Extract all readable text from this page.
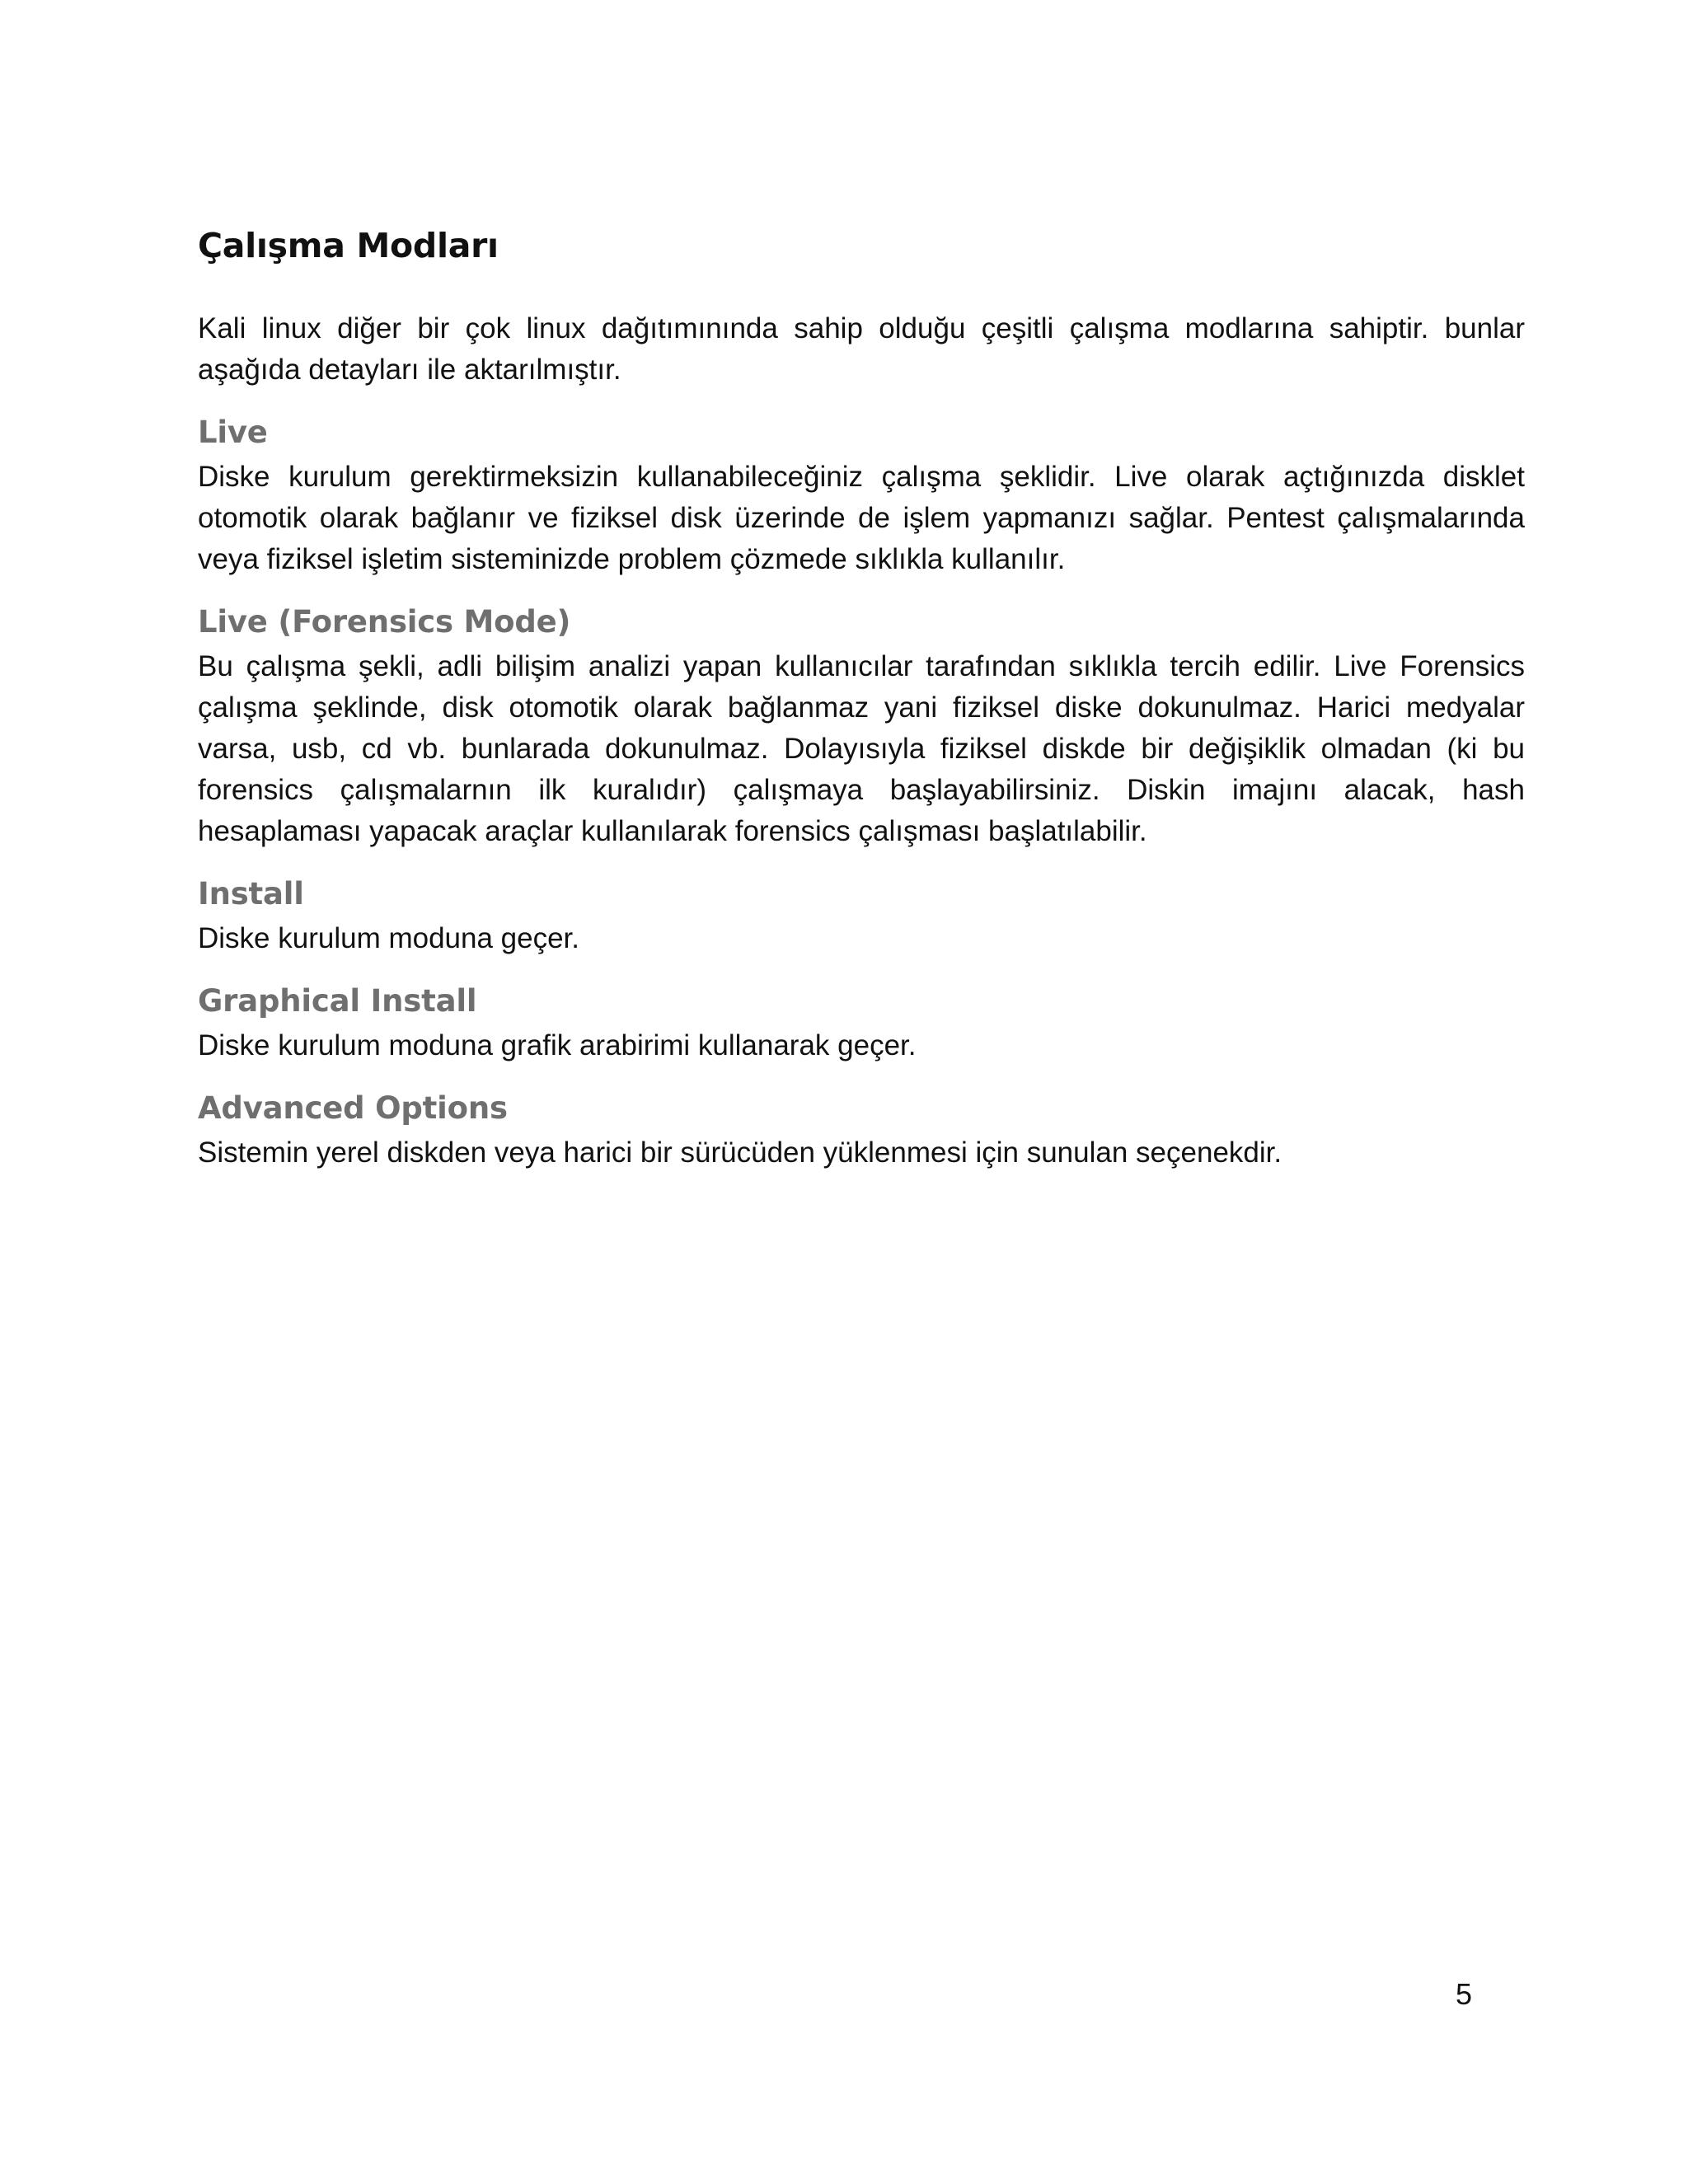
Çalışma Modları

Kali linux diğer bir çok linux dağıtımınında sahip olduğu çeşitli çalışma modlarına sahiptir. bunlar aşağıda detayları ile aktarılmıştır.

Live

Diske kurulum gerektirmeksizin kullanabileceğiniz çalışma şeklidir. Live olarak açtığınızda disklet otomotik olarak bağlanır ve fiziksel disk üzerinde de işlem yapmanızı sağlar. Pentest çalışmalarında veya fiziksel işletim sisteminizde problem çözmede sıklıkla kullanılır.

Live (Forensics Mode)

Bu çalışma şekli, adli bilişim analizi yapan kullanıcılar tarafından sıklıkla tercih edilir. Live Forensics çalışma şeklinde, disk otomotik olarak bağlanmaz yani fiziksel diske dokunulmaz. Harici medyalar varsa, usb, cd vb. bunlarada dokunulmaz. Dolayısıyla fiziksel diskde bir değişiklik olmadan (ki bu forensics çalışmalarnın ilk kuralıdır) çalışmaya başlayabilirsiniz. Diskin imajını alacak, hash hesaplaması yapacak araçlar kullanılarak forensics çalışması başlatılabilir.

Install

Diske kurulum moduna geçer.

Graphical Install

Diske kurulum moduna grafik arabirimi kullanarak geçer.

Advanced Options

Sistemin yerel diskden veya harici bir sürücüden yüklenmesi için sunulan seçenekdir.

5
